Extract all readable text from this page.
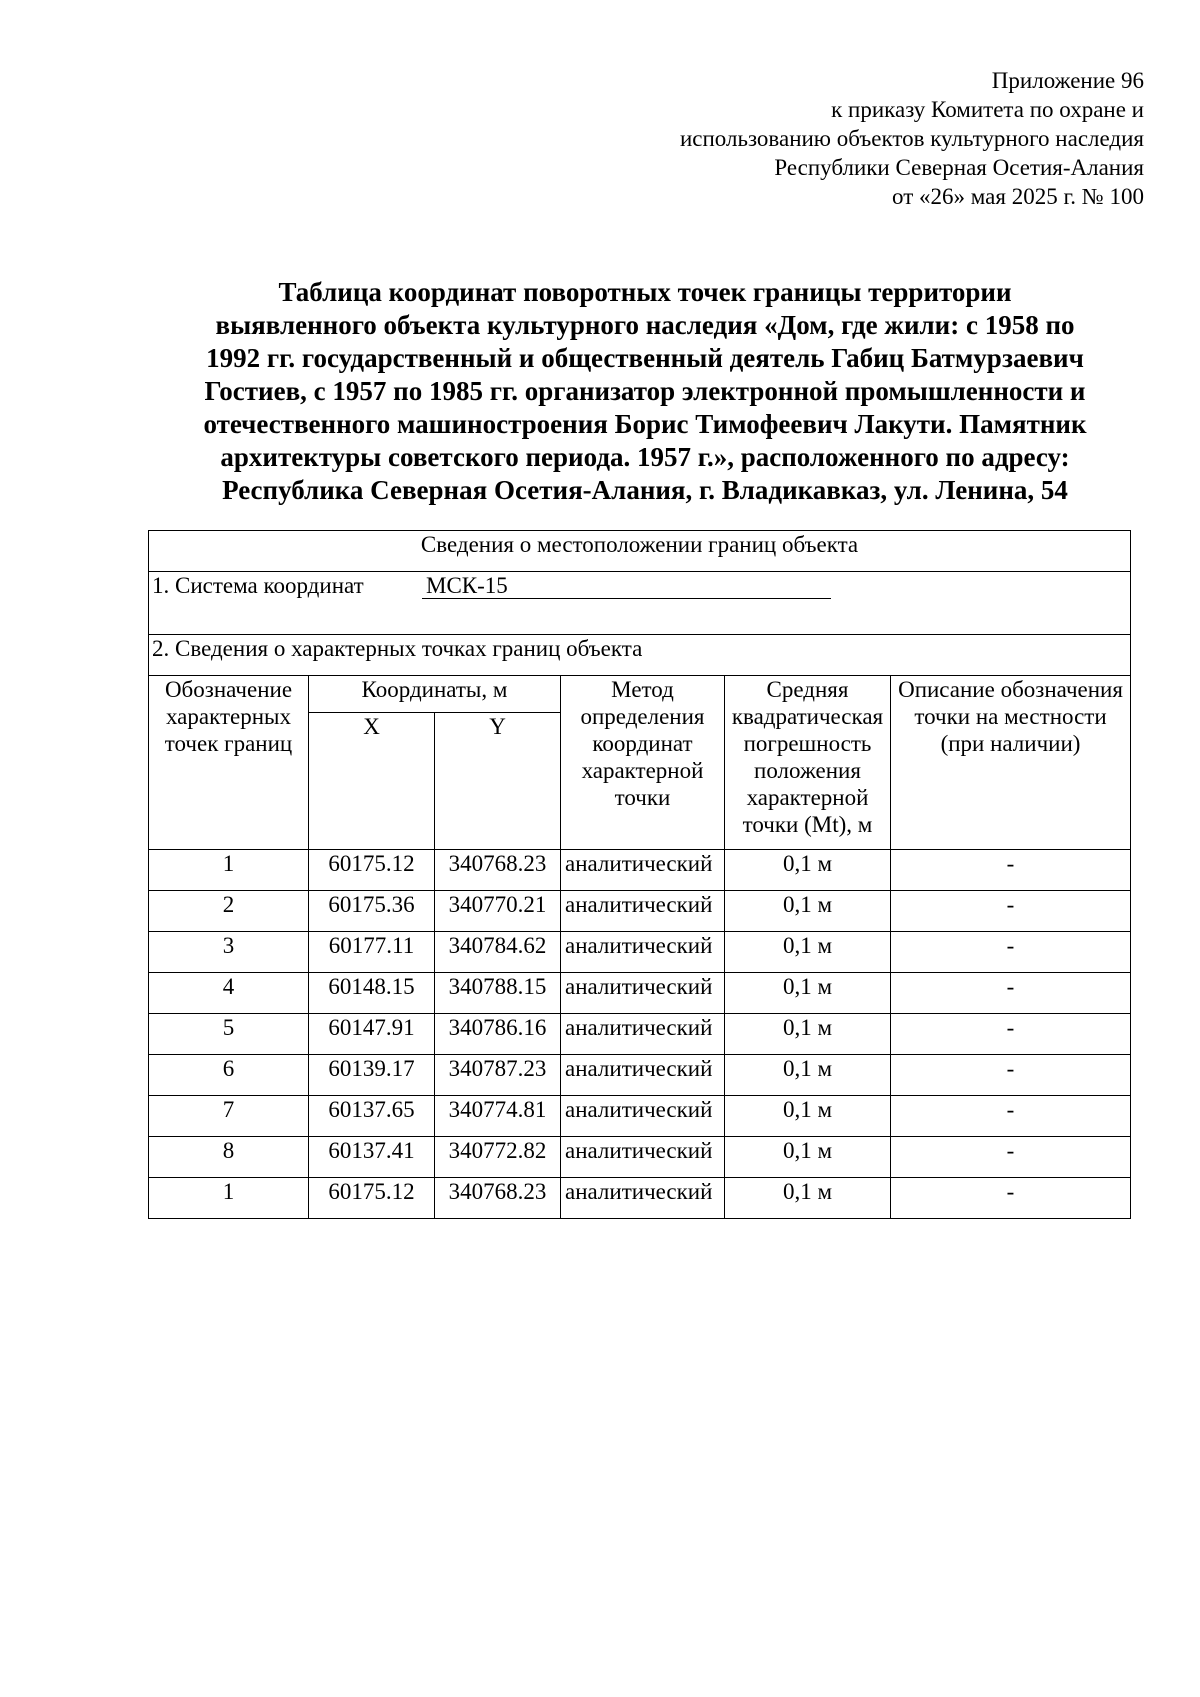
Приложение 96
к приказу Комитета по охране и
использованию объектов культурного наследия
Республики Северная Осетия-Алания
от «26» мая 2025 г. № 100
Таблица координат поворотных точек границы территории
выявленного объекта культурного наследия «Дом, где жили: с 1958 по
1992 гг. государственный и общественный деятель Габиц Батмурзаевич
Гостиев, с 1957 по 1985 гг. организатор электронной промышленности и
отечественного машиностроения Борис Тимофеевич Лакути. Памятник
архитектуры советского периода. 1957 г.», расположенного по адресу:
Республика Северная Осетия-Алания, г. Владикавказ, ул. Ленина, 54
Сведения о местоположении границ объекта					
1. Система координат МСК-15					
2. Сведения о характерных точках границ объекта					
Обозначение характерных точек границ	Координаты, м		Метод определения координат характерной точки	Средняя квадратическая погрешность положения характерной точки (Mt), м	Описание обозначения точки на местности (при наличии)
	X	Y			
1	60175.12	340768.23	аналитический	0,1 м	-
2	60175.36	340770.21	аналитический	0,1 м	-
3	60177.11	340784.62	аналитический	0,1 м	-
4	60148.15	340788.15	аналитический	0,1 м	-
5	60147.91	340786.16	аналитический	0,1 м	-
6	60139.17	340787.23	аналитический	0,1 м	-
7	60137.65	340774.81	аналитический	0,1 м	-
8	60137.41	340772.82	аналитический	0,1 м	-
1	60175.12	340768.23	аналитический	0,1 м	-
